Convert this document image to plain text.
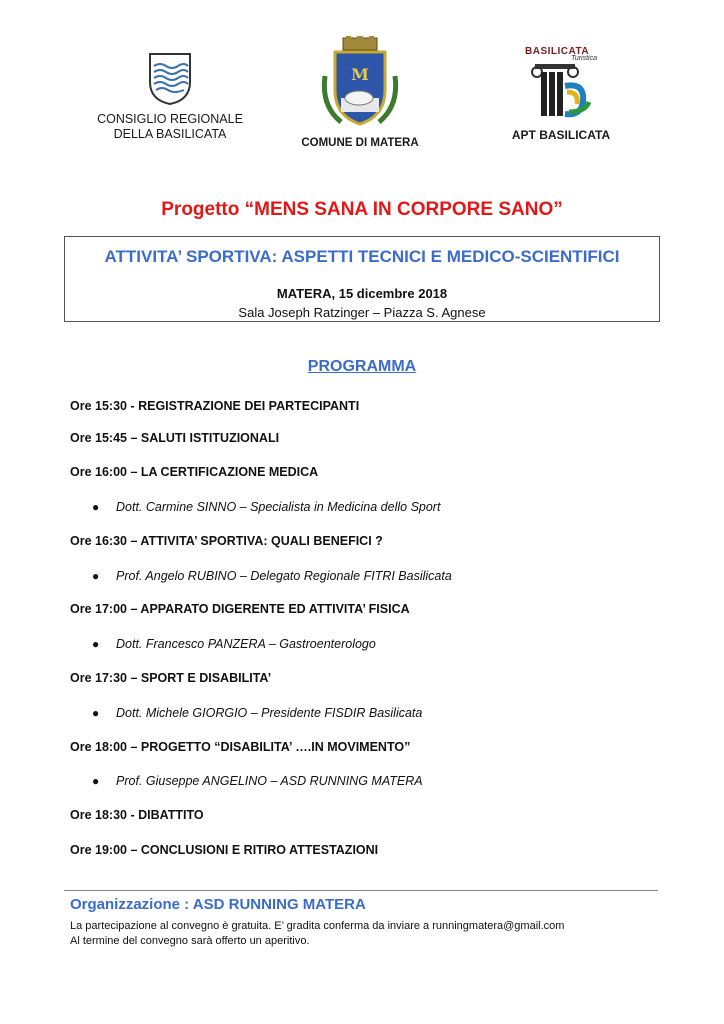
CONSIGLIO REGIONALE
DELLA BASILICATA
M
COMUNE DI MATERA
BASILICATA
Turistica
APT BASILICATA
Progetto “MENS SANA IN CORPORE SANO”
ATTIVITA’ SPORTIVA: ASPETTI TECNICI E MEDICO-SCIENTIFICI
MATERA, 15 dicembre 2018
Sala Joseph Ratzinger – Piazza S. Agnese
PROGRAMMA
Ore 15:30 - REGISTRAZIONE DEI PARTECIPANTI
Ore 15:45 – SALUTI ISTITUZIONALI
Ore 16:00 – LA CERTIFICAZIONE MEDICA
● Dott. Carmine SINNO – Specialista in Medicina dello Sport
Ore 16:30 – ATTIVITA’ SPORTIVA: QUALI BENEFICI ?
● Prof. Angelo RUBINO – Delegato Regionale FITRI Basilicata
Ore 17:00 – APPARATO DIGERENTE ED ATTIVITA’ FISICA
● Dott. Francesco PANZERA – Gastroenterologo
Ore 17:30 – SPORT E DISABILITA’
● Dott. Michele GIORGIO – Presidente FISDIR Basilicata
Ore 18:00 – PROGETTO “DISABILITA’ ….IN MOVIMENTO”
● Prof. Giuseppe ANGELINO – ASD RUNNING MATERA
Ore 18:30 - DIBATTITO
Ore 19:00 – CONCLUSIONI E RITIRO ATTESTAZIONI
Organizzazione : ASD RUNNING MATERA
La partecipazione al convegno è gratuita. E’ gradita conferma da inviare a runningmatera@gmail.com
Al termine del convegno sarà offerto un aperitivo.
